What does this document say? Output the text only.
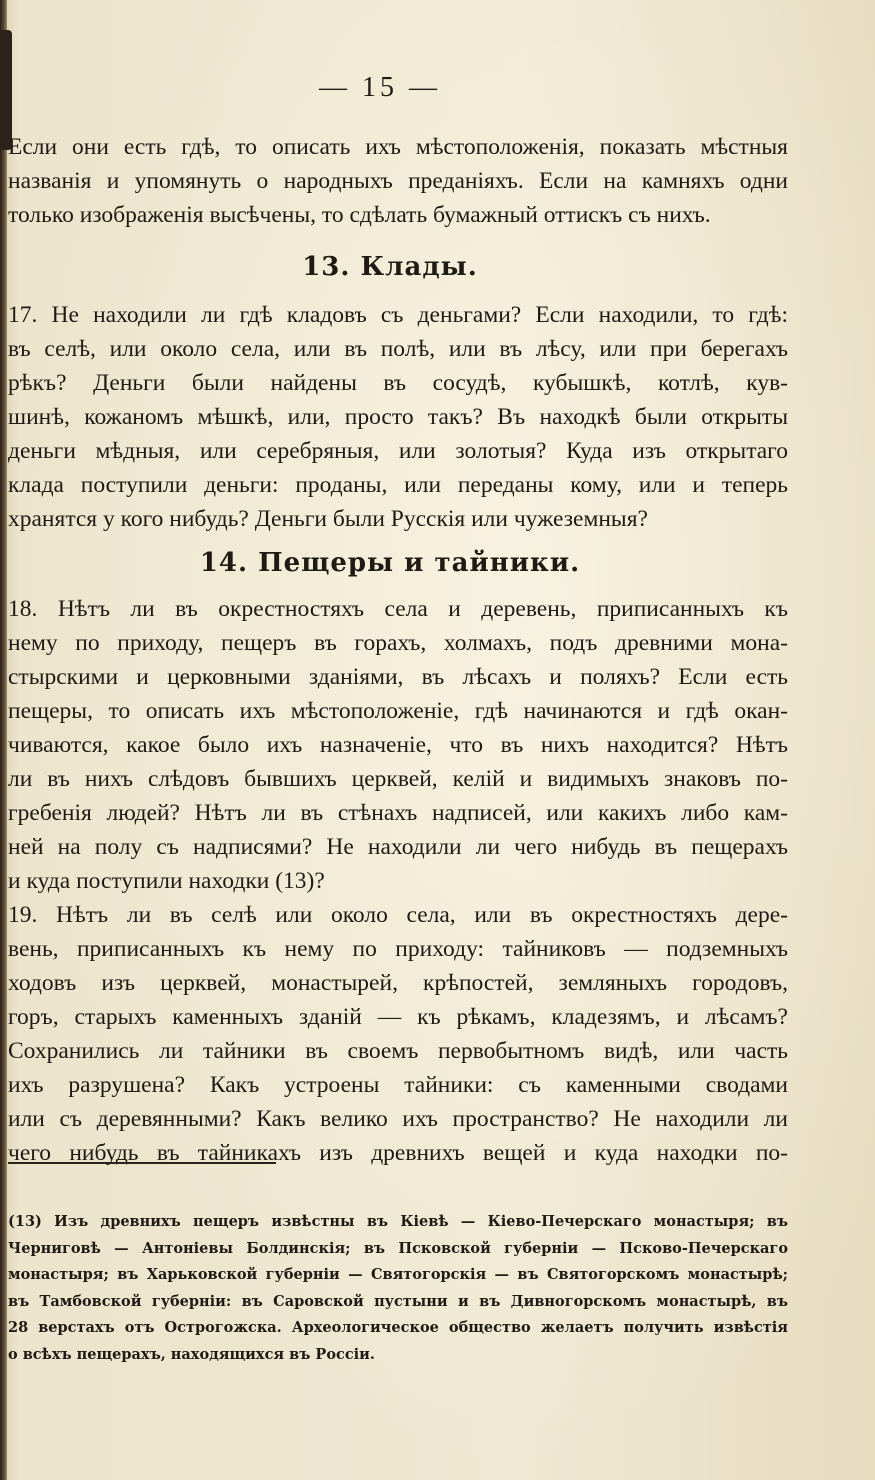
— 15 —
Если они есть гдѣ, то описать ихъ мѣстоположенія, показать мѣстныя
названія и упомянуть о народныхъ преданіяхъ. Если на камняхъ одни
только изображенія высѣчены, то сдѣлать бумажный оттискъ съ нихъ.
13. Клады.
17. Не находили ли гдѣ кладовъ съ деньгами? Если находили, то гдѣ:
въ селѣ, или около села, или въ полѣ, или въ лѣсу, или при берегахъ
рѣкъ? Деньги были найдены въ сосудѣ, кубышкѣ, котлѣ, кув-
шинѣ, кожаномъ мѣшкѣ, или, просто такъ? Въ находкѣ были открыты
деньги мѣдныя, или серебряныя, или золотыя? Куда изъ открытаго
клада поступили деньги: проданы, или переданы кому, или и теперь
хранятся у кого нибудь? Деньги были Русскія или чужеземныя?
14. Пещеры и тайники.
18. Нѣтъ ли въ окрестностяхъ села и деревень, приписанныхъ къ
нему по приходу, пещеръ въ горахъ, холмахъ, подъ древними мона-
стырскими и церковными зданіями, въ лѣсахъ и поляхъ? Если есть
пещеры, то описать ихъ мѣстоположеніе, гдѣ начинаются и гдѣ окан-
чиваются, какое было ихъ назначеніе, что въ нихъ находится? Нѣтъ
ли въ нихъ слѣдовъ бывшихъ церквей, келій и видимыхъ знаковъ по-
гребенія людей? Нѣтъ ли въ стѣнахъ надписей, или какихъ либо кам-
ней на полу съ надписями? Не находили ли чего нибудь въ пещерахъ
и куда поступили находки (13)?
19. Нѣтъ ли въ селѣ или около села, или въ окрестностяхъ дере-
вень, приписанныхъ къ нему по приходу: тайниковъ — подземныхъ
ходовъ изъ церквей, монастырей, крѣпостей, земляныхъ городовъ,
горъ, старыхъ каменныхъ зданій — къ рѣкамъ, кладезямъ, и лѣсамъ?
Сохранились ли тайники въ своемъ первобытномъ видѣ, или часть
ихъ разрушена? Какъ устроены тайники: съ каменными сводами
или съ деревянными? Какъ велико ихъ пространство? Не находили ли
чего нибудь въ тайникахъ изъ древнихъ вещей и куда находки по-
(13) Изъ древнихъ пещеръ извѣстны въ Кіевѣ — Кіево-Печерскаго монастыря; въ
Черниговѣ — Антоніевы Болдинскія; въ Псковской губерніи — Псково-Печерскаго
монастыря; въ Харьковской губерніи — Святогорскія — въ Святогорскомъ монастырѣ;
въ Тамбовской губерніи: въ Саровской пустыни и въ Дивногорскомъ монастырѣ, въ
28 верстахъ отъ Острогожска. Археологическое общество желаетъ получить извѣстія
о всѣхъ пещерахъ, находящихся въ Россіи.
